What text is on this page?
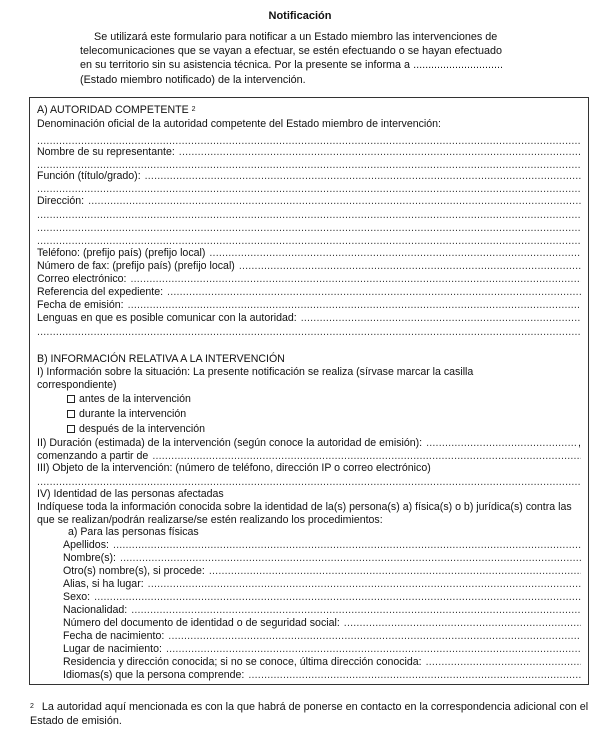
Notificación
Se utilizará este formulario para notificar a un Estado miembro las intervenciones de
telecomunicaciones que se vayan a efectuar, se estén efectuando o se hayan efectuado
en su territorio sin su asistencia técnica. Por la presente se informa a ..............................
(Estado miembro notificado) de la intervención.
A) AUTORIDAD COMPETENTE $^2$
Denominación oficial de la autoridad competente del Estado miembro de intervención:
.....
Nombre de su representante:
.....
.....
Función (título/grado):
.....
.....
Dirección:
.....
.....
.....
.....
Teléfono: (prefijo país) (prefijo local)
.....
Número de fax: (prefijo país) (prefijo local)
.....
Correo electrónico:
.....
Referencia del expediente:
.....
Fecha de emisión:
.....
Lenguas en que es posible comunicar con la autoridad:
.....
.....
B) INFORMACIÓN RELATIVA A LA INTERVENCIÓN
I) Información sobre la situación: La presente notificación se realiza (sírvase marcar la casilla
correspondiente)
antes de la intervención
durante la intervención
después de la intervención
II) Duración (estimada) de la intervención (según conoce la autoridad de emisión): .....	,
comenzando a partir de
.....
III) Objeto de la intervención: (número de teléfono, dirección IP o correo electrónico)
.....
IV) Identidad de las personas afectadas
Indíquese toda la información conocida sobre la identidad de la(s) persona(s) a) física(s) o b) jurídica(s) contra las
que se realizan/podrán realizarse/se estén realizando los procedimientos:
a) Para las personas físicas
Apellidos:
.....
Nombre(s):
.....
Otro(s) nombre(s), si procede:
.....
Alias, si ha lugar:
.....
Sexo:
.....
Nacionalidad:
.....
Número del documento de identidad o de seguridad social:
.....
Fecha de nacimiento:
.....
Lugar de nacimiento:
.....
Residencia y dirección conocida; si no se conoce, última dirección conocida:
.....
Idiomas(s) que la persona comprende:
.....
$^2$ La autoridad aquí mencionada es con la que habrá de ponerse en contacto en la correspondencia adicional con el Estado de emisión.
